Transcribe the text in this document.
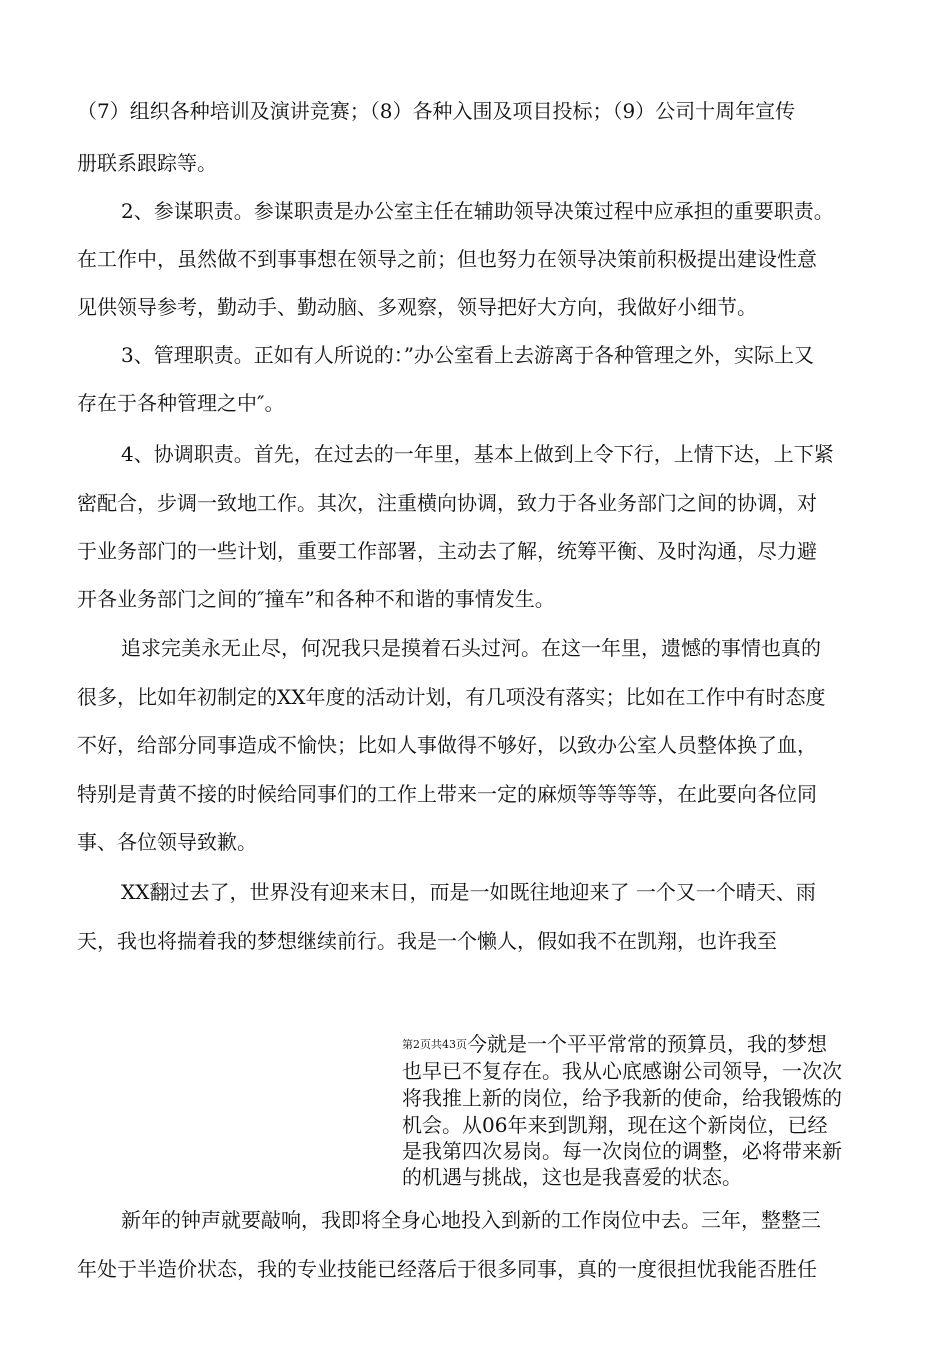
（7）组织各种培训及演讲竞赛；（8）各种入围及项目投标；（9）公司十周年宣传
册联系跟踪等。
2、参谋职责。参谋职责是办公室主任在辅助领导决策过程中应承担的重要职责。
在工作中，虽然做不到事事想在领导之前；但也努力在领导决策前积极提出建设性意
见供领导参考，勤动手、勤动脑、多观察，领导把好大方向，我做好小细节。
3、管理职责。正如有人所说的：”办公室看上去游离于各种管理之外，实际上又
存在于各种管理之中″。
4、协调职责。首先，在过去的一年里，基本上做到上令下行，上情下达，上下紧
密配合，步调一致地工作。其次，注重横向协调，致力于各业务部门之间的协调，对
于业务部门的一些计划，重要工作部署，主动去了解，统筹平衡、及时沟通，尽力避
开各业务部门之间的″撞车”和各种不和谐的事情发生。
追求完美永无止尽，何况我只是摸着石头过河。在这一年里，遗憾的事情也真的
很多，比如年初制定的XX年度的活动计划，有几项没有落实；比如在工作中有时态度
不好，给部分同事造成不愉快；比如人事做得不够好，以致办公室人员整体换了血，
特别是青黄不接的时候给同事们的工作上带来一定的麻烦等等等等，在此要向各位同
事、各位领导致歉。
XX翻过去了，世界没有迎来末日，而是一如既往地迎来了 一个又一个晴天、雨
天，我也将揣着我的梦想继续前行。我是一个懒人，假如我不在凯翔，也许我至
第2页共43页今就是一个平平常常的预算员，我的梦想
也早已不复存在。我从心底感谢公司领导，一次次
将我推上新的岗位，给予我新的使命，给我锻炼的
机会。从06年来到凯翔，现在这个新岗位，已经
是我第四次易岗。每一次岗位的调整，必将带来新
的机遇与挑战，这也是我喜爱的状态。
新年的钟声就要敲响，我即将全身心地投入到新的工作岗位中去。三年，整整三
年处于半造价状态，我的专业技能已经落后于很多同事，真的一度很担忧我能否胜任
